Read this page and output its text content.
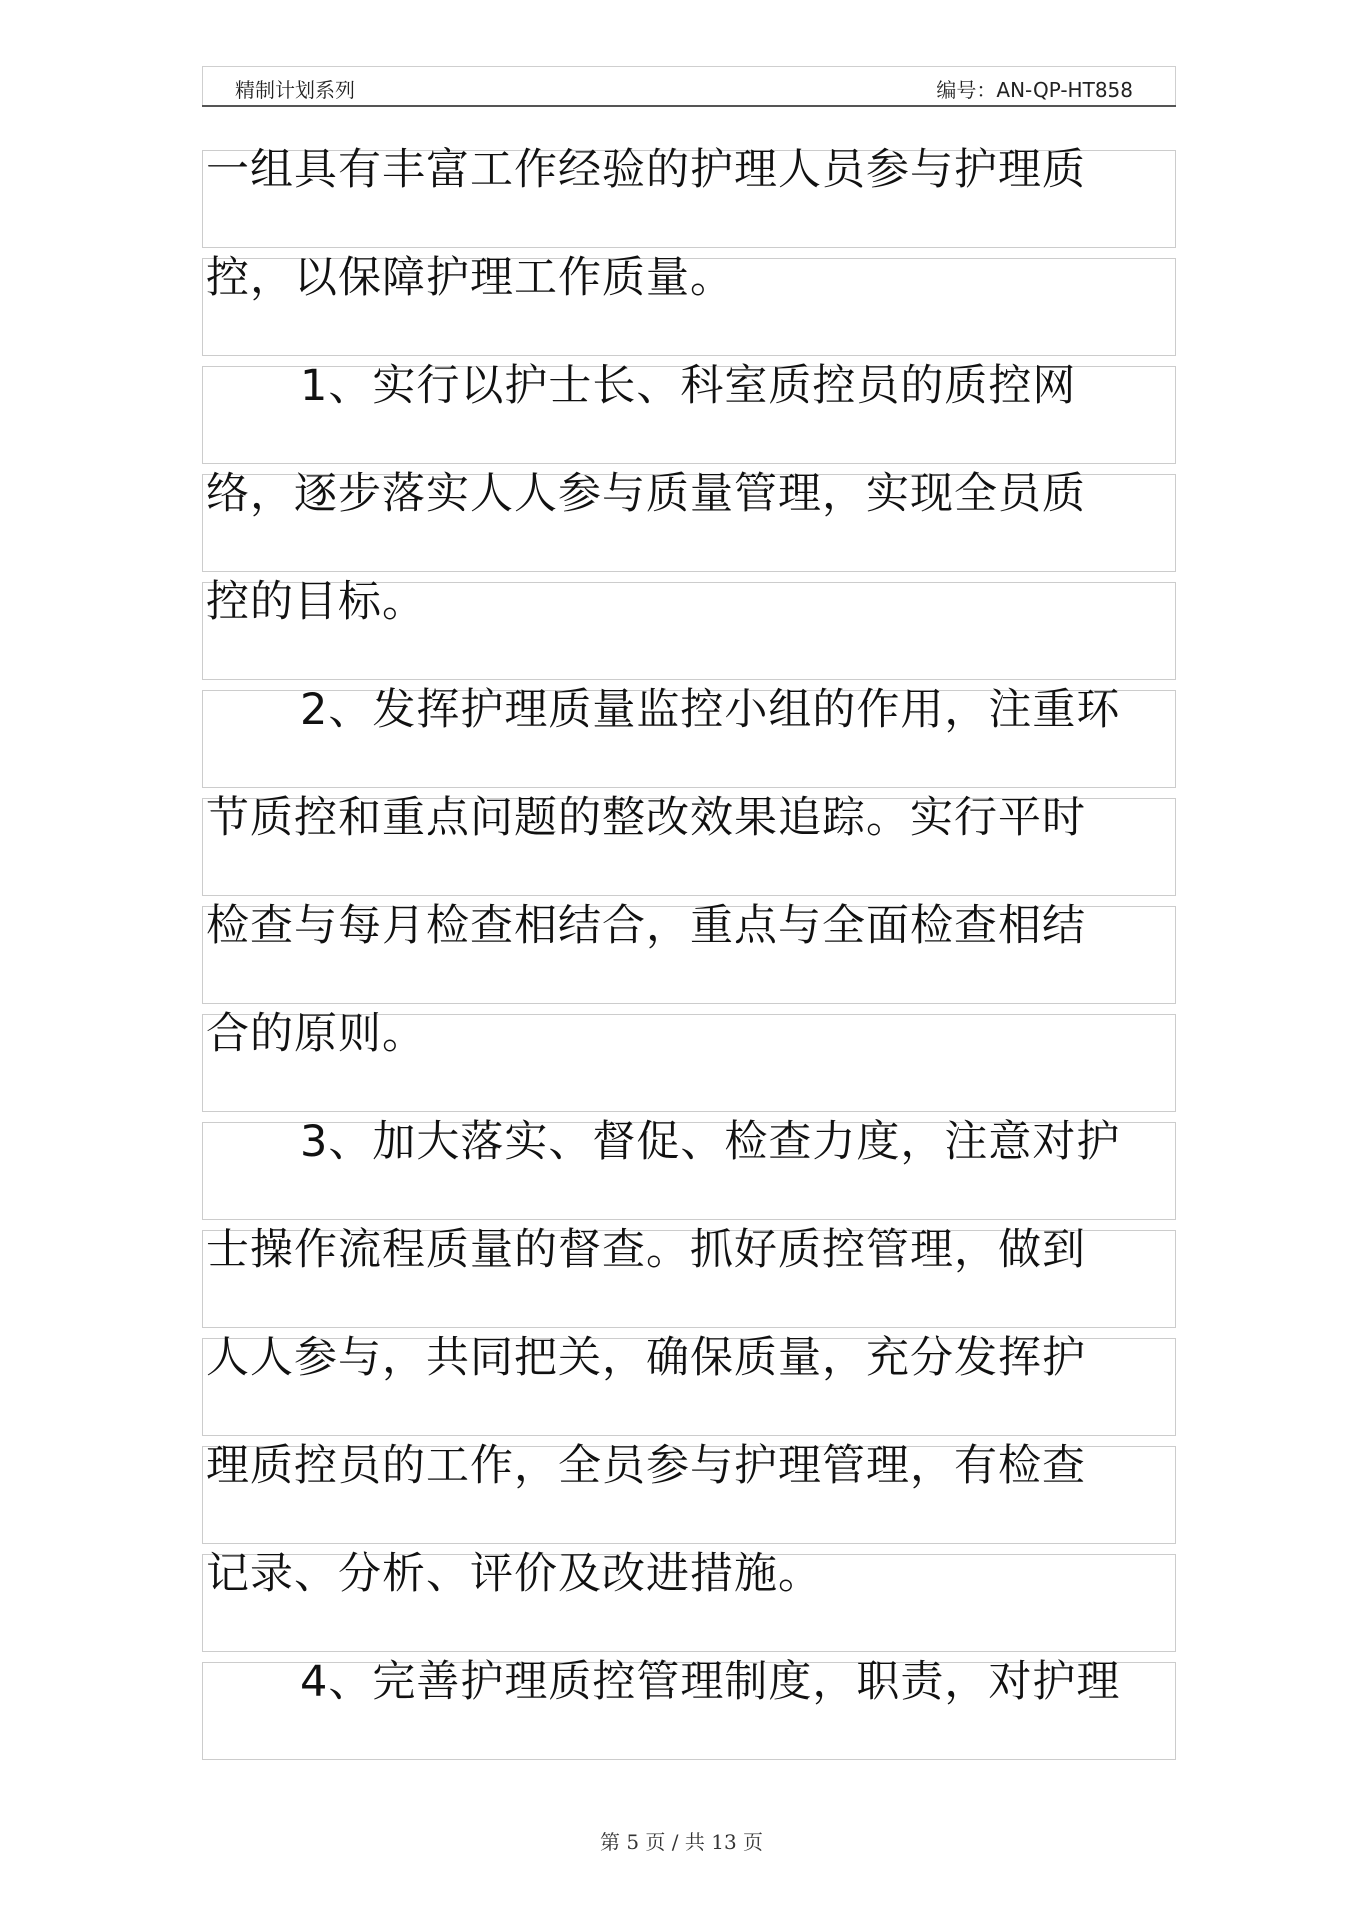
精制计划系列	编号：AN-QP-HT858
一组具有丰富工作经验的护理人员参与护理质
控，以保障护理工作质量。
1、实行以护士长、科室质控员的质控网
络，逐步落实人人参与质量管理，实现全员质
控的目标。
2、发挥护理质量监控小组的作用，注重环
节质控和重点问题的整改效果追踪。实行平时
检查与每月检查相结合，重点与全面检查相结
合的原则。
3、加大落实、督促、检查力度，注意对护
士操作流程质量的督查。抓好质控管理，做到
人人参与，共同把关，确保质量，充分发挥护
理质控员的工作，全员参与护理管理，有检查
记录、分析、评价及改进措施。
4、完善护理质控管理制度，职责，对护理
第 5 页 / 共 13 页
